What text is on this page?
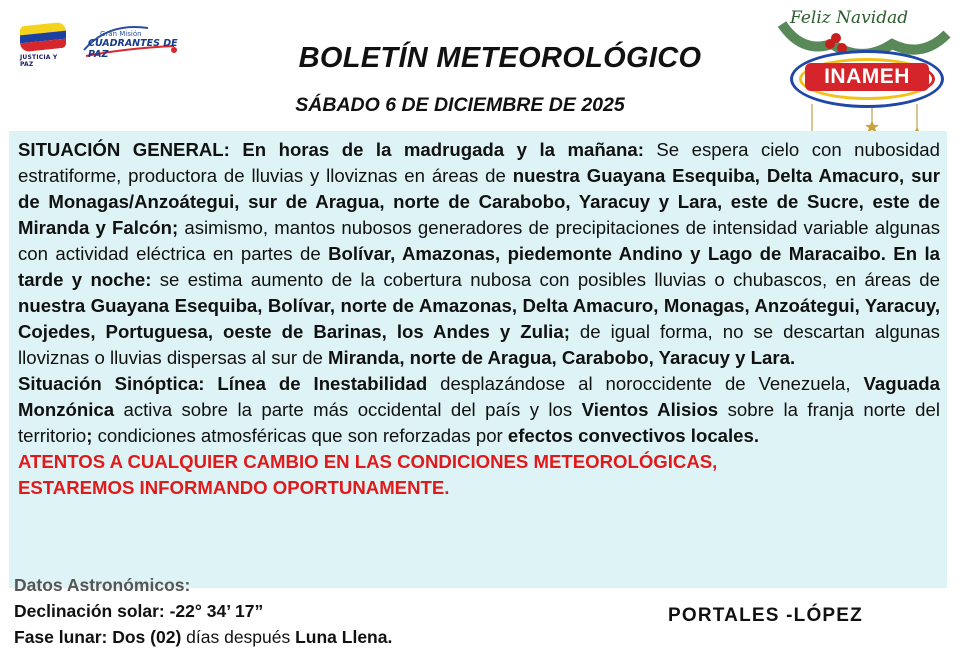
JUSTICIA Y PAZ
Gran Misión
CUADRANTES DE PAZ	BOLETÍN METEOROLÓGICO
SÁBADO 6 DE DICIEMBRE DE 2025
Feliz Navidad
INAMEH

SITUACIÓN GENERAL: En horas de la madrugada y la mañana: Se espera cielo con nubosidad estratiforme, productora de lluvias y lloviznas en áreas de nuestra Guayana Esequiba, Delta Amacuro, sur de Monagas/Anzoátegui, sur de Aragua, norte de Carabobo, Yaracuy y Lara, este de Sucre, este de Miranda y Falcón; asimismo, mantos nubosos generadores de precipitaciones de intensidad variable algunas con actividad eléctrica en partes de Bolívar, Amazonas, piedemonte Andino y Lago de Maracaibo. En la tarde y noche: se estima aumento de la cobertura nubosa con posibles lluvias o chubascos, en áreas de nuestra Guayana Esequiba, Bolívar, norte de Amazonas, Delta Amacuro, Monagas, Anzoátegui, Yaracuy, Cojedes, Portuguesa, oeste de Barinas, los Andes y Zulia; de igual forma, no se descartan algunas lloviznas o lluvias dispersas al sur de Miranda, norte de Aragua, Carabobo, Yaracuy y Lara.

Situación Sinóptica: Línea de Inestabilidad desplazándose al noroccidente de Venezuela, Vaguada Monzónica activa sobre la parte más occidental del país y los Vientos Alisios sobre la franja norte del territorio; condiciones atmosféricas que son reforzadas por efectos convectivos locales.

ATENTOS A CUALQUIER CAMBIO EN LAS CONDICIONES METEOROLÓGICAS,

ESTAREMOS INFORMANDO OPORTUNAMENTE.

Datos Astronómicos:
Declinación solar: -22° 34’ 17”
Fase lunar: Dos (02) días después Luna Llena.
PORTALES -LÓPEZ
